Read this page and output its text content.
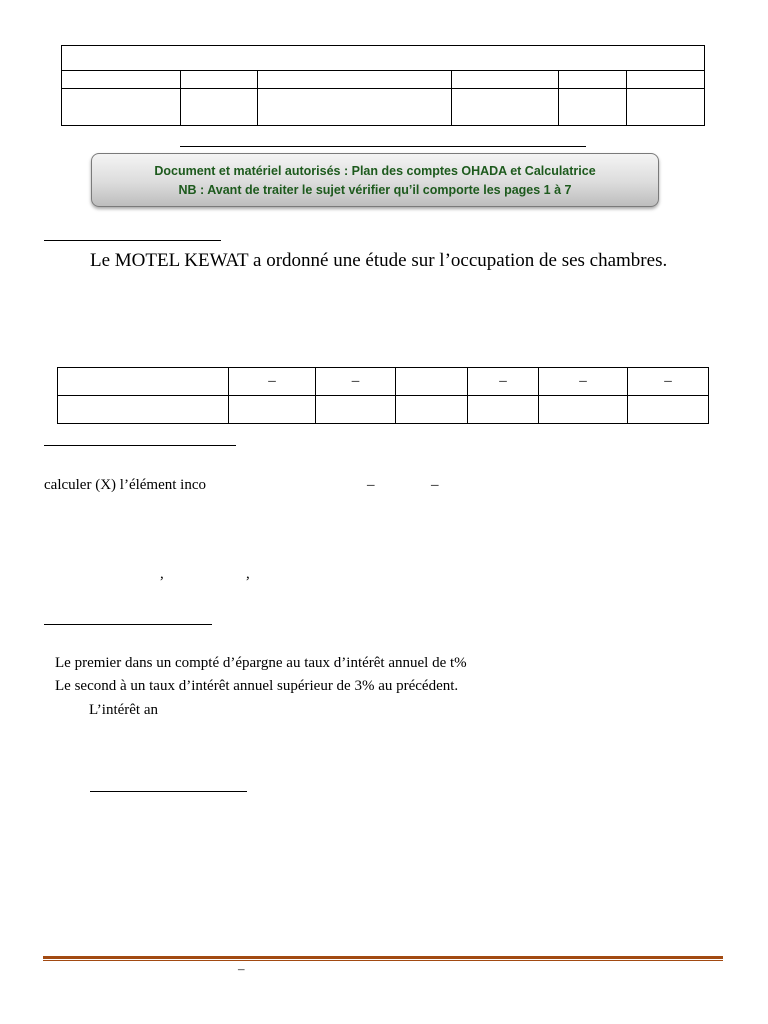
Document et matériel autorisés : Plan des comptes OHADA et Calculatrice
NB : Avant de traiter le sujet vérifier qu’il comporte les pages 1 à 7
Le MOTEL KEWAT a ordonné une étude sur l’occupation de ses chambres.
	–	–		–	–	–

calculer (X) l’élément inco	–	–
,	,
Le premier dans un compté d’épargne au taux d’intérêt annuel de t%
Le second à un taux d’intérêt annuel supérieur de 3% au précédent.
L’intérêt an
–
